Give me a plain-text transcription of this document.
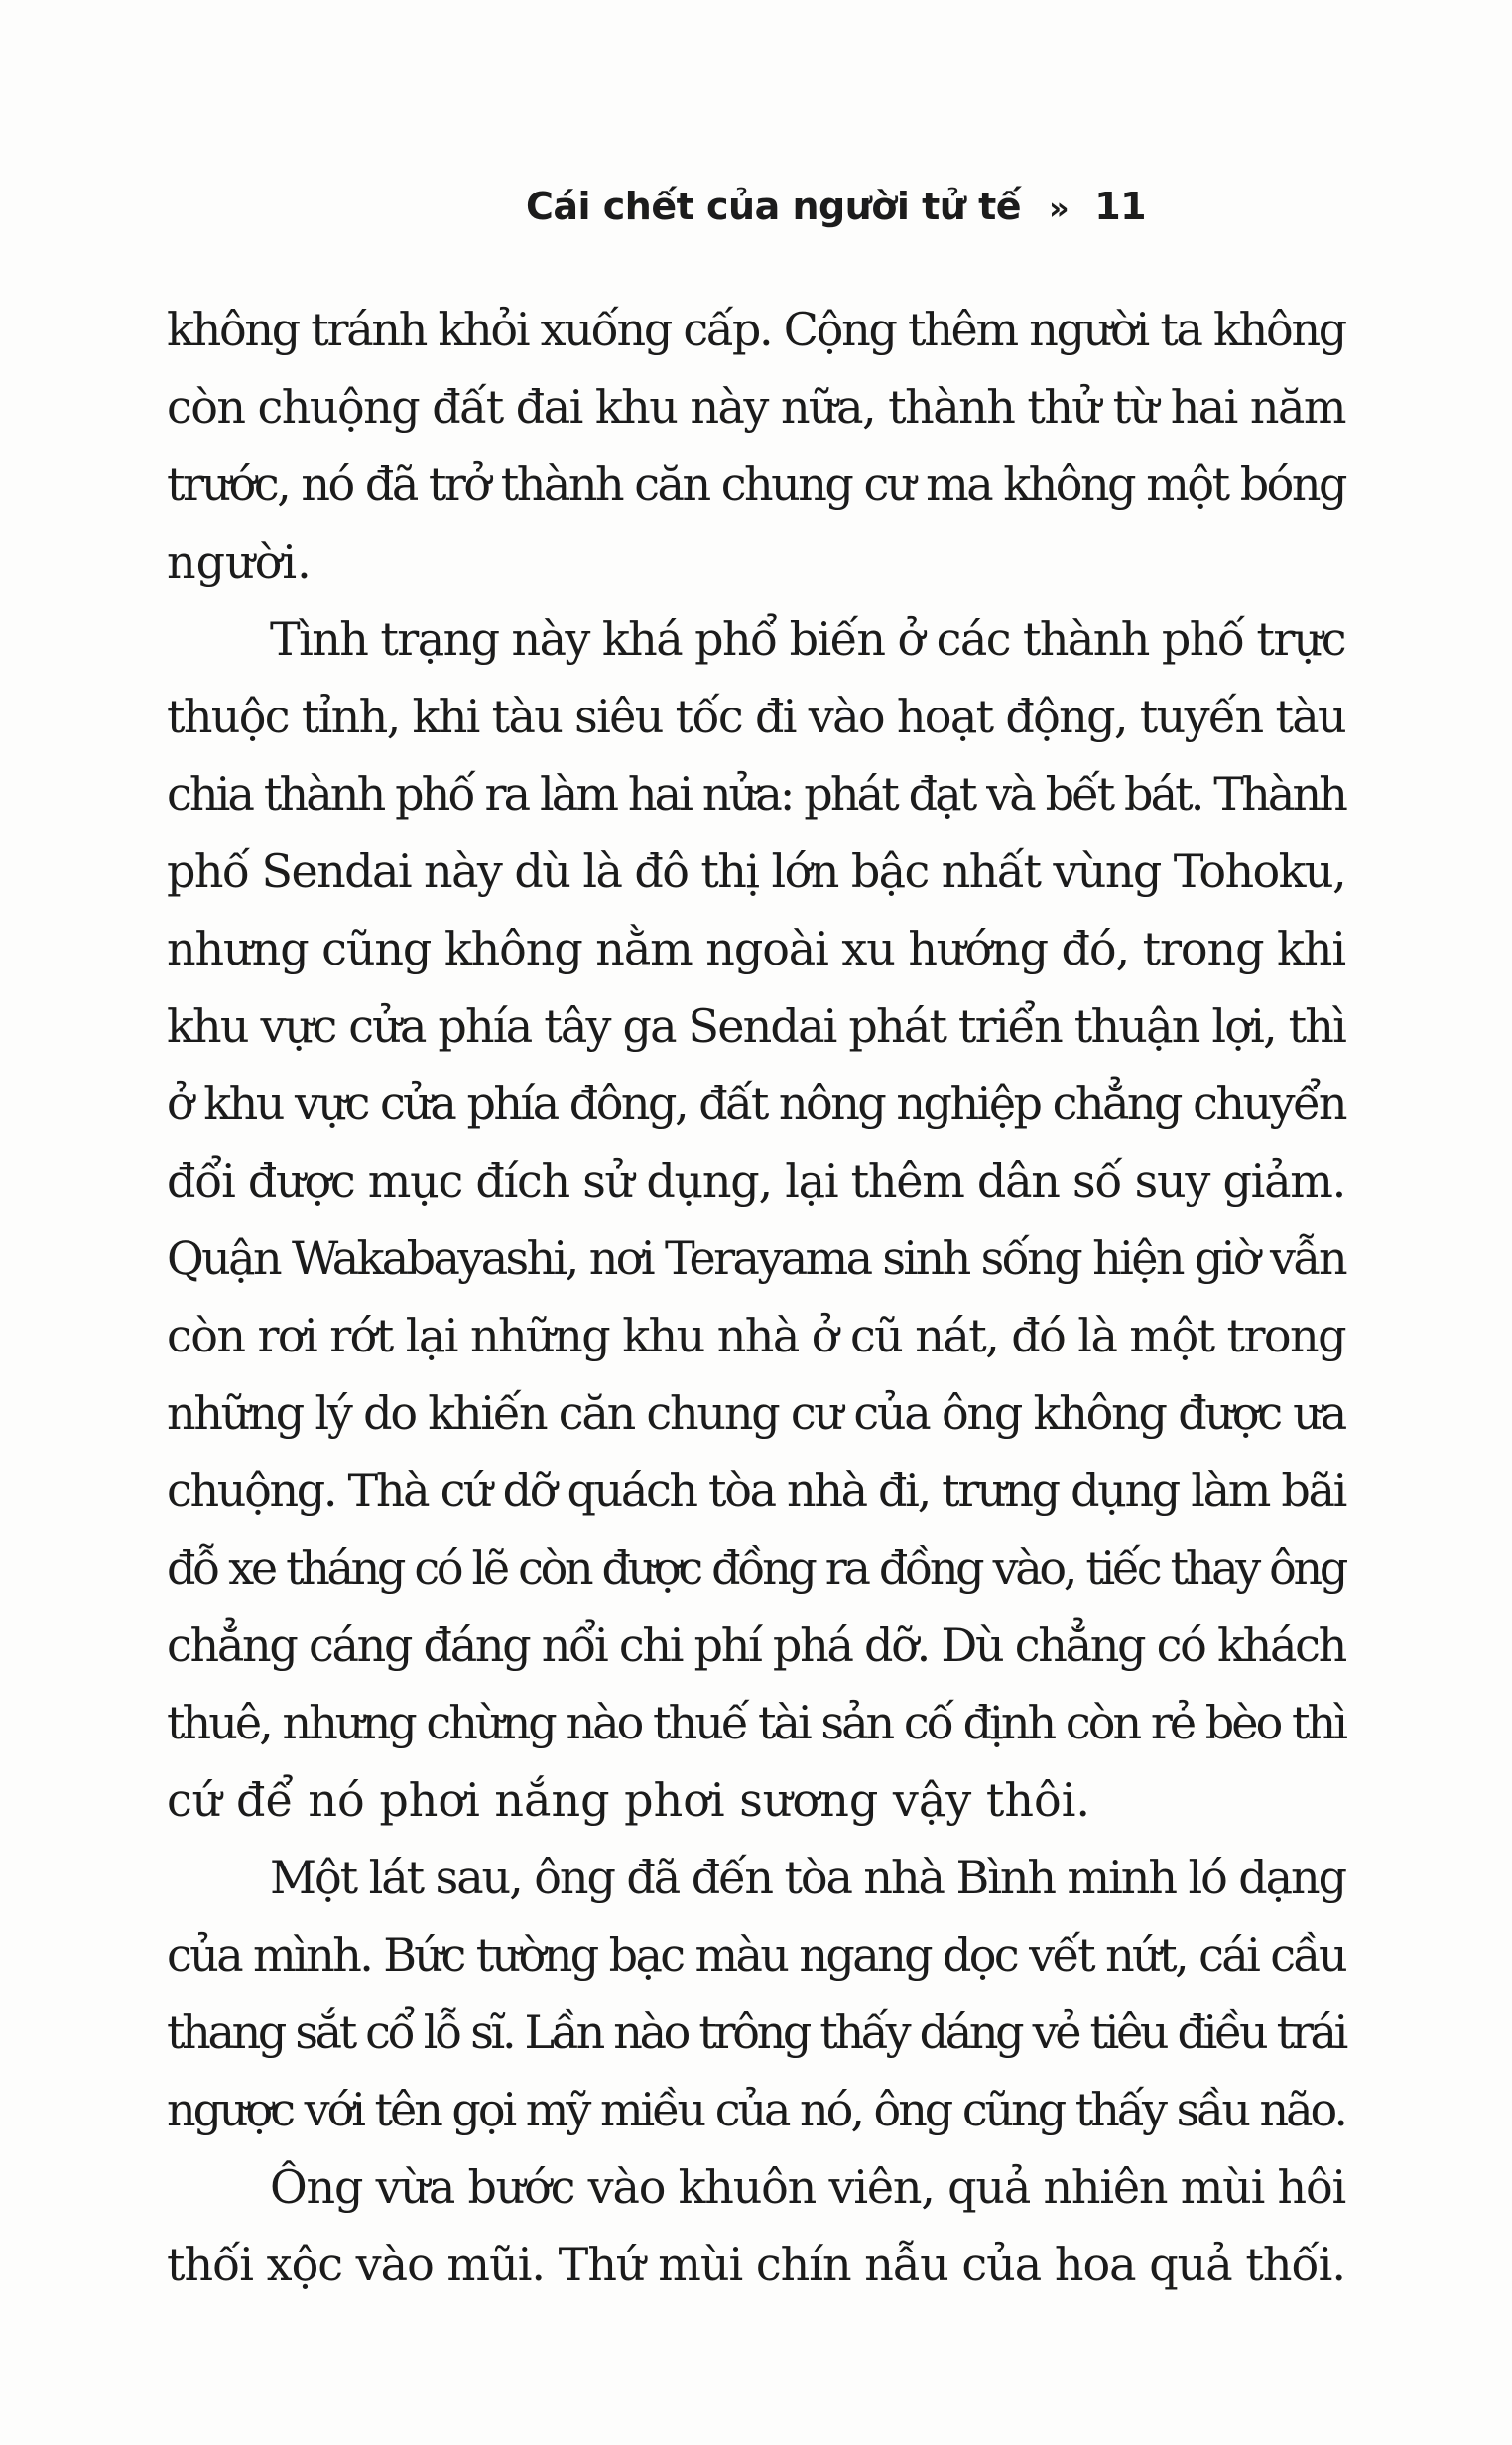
Cái chết của người tử tế » 11
không tránh khỏi xuống cấp. Cộng thêm người ta không
còn chuộng đất đai khu này nữa, thành thử từ hai năm
trước, nó đã trở thành căn chung cư ma không một bóng
người.
Tình trạng này khá phổ biến ở các thành phố trực
thuộc tỉnh, khi tàu siêu tốc đi vào hoạt động, tuyến tàu
chia thành phố ra làm hai nửa: phát đạt và bết bát. Thành
phố Sendai này dù là đô thị lớn bậc nhất vùng Tohoku,
nhưng cũng không nằm ngoài xu hướng đó, trong khi
khu vực cửa phía tây ga Sendai phát triển thuận lợi, thì
ở khu vực cửa phía đông, đất nông nghiệp chẳng chuyển
đổi được mục đích sử dụng, lại thêm dân số suy giảm.
Quận Wakabayashi, nơi Terayama sinh sống hiện giờ vẫn
còn rơi rớt lại những khu nhà ở cũ nát, đó là một trong
những lý do khiến căn chung cư của ông không được ưa
chuộng. Thà cứ dỡ quách tòa nhà đi, trưng dụng làm bãi
đỗ xe tháng có lẽ còn được đồng ra đồng vào, tiếc thay ông
chẳng cáng đáng nổi chi phí phá dỡ. Dù chẳng có khách
thuê, nhưng chừng nào thuế tài sản cố định còn rẻ bèo thì
cứ để nó phơi nắng phơi sương vậy thôi.
Một lát sau, ông đã đến tòa nhà Bình minh ló dạng
của mình. Bức tường bạc màu ngang dọc vết nứt, cái cầu
thang sắt cổ lỗ sĩ. Lần nào trông thấy dáng vẻ tiêu điều trái
ngược với tên gọi mỹ miều của nó, ông cũng thấy sầu não.
Ông vừa bước vào khuôn viên, quả nhiên mùi hôi
thối xộc vào mũi. Thứ mùi chín nẫu của hoa quả thối.
